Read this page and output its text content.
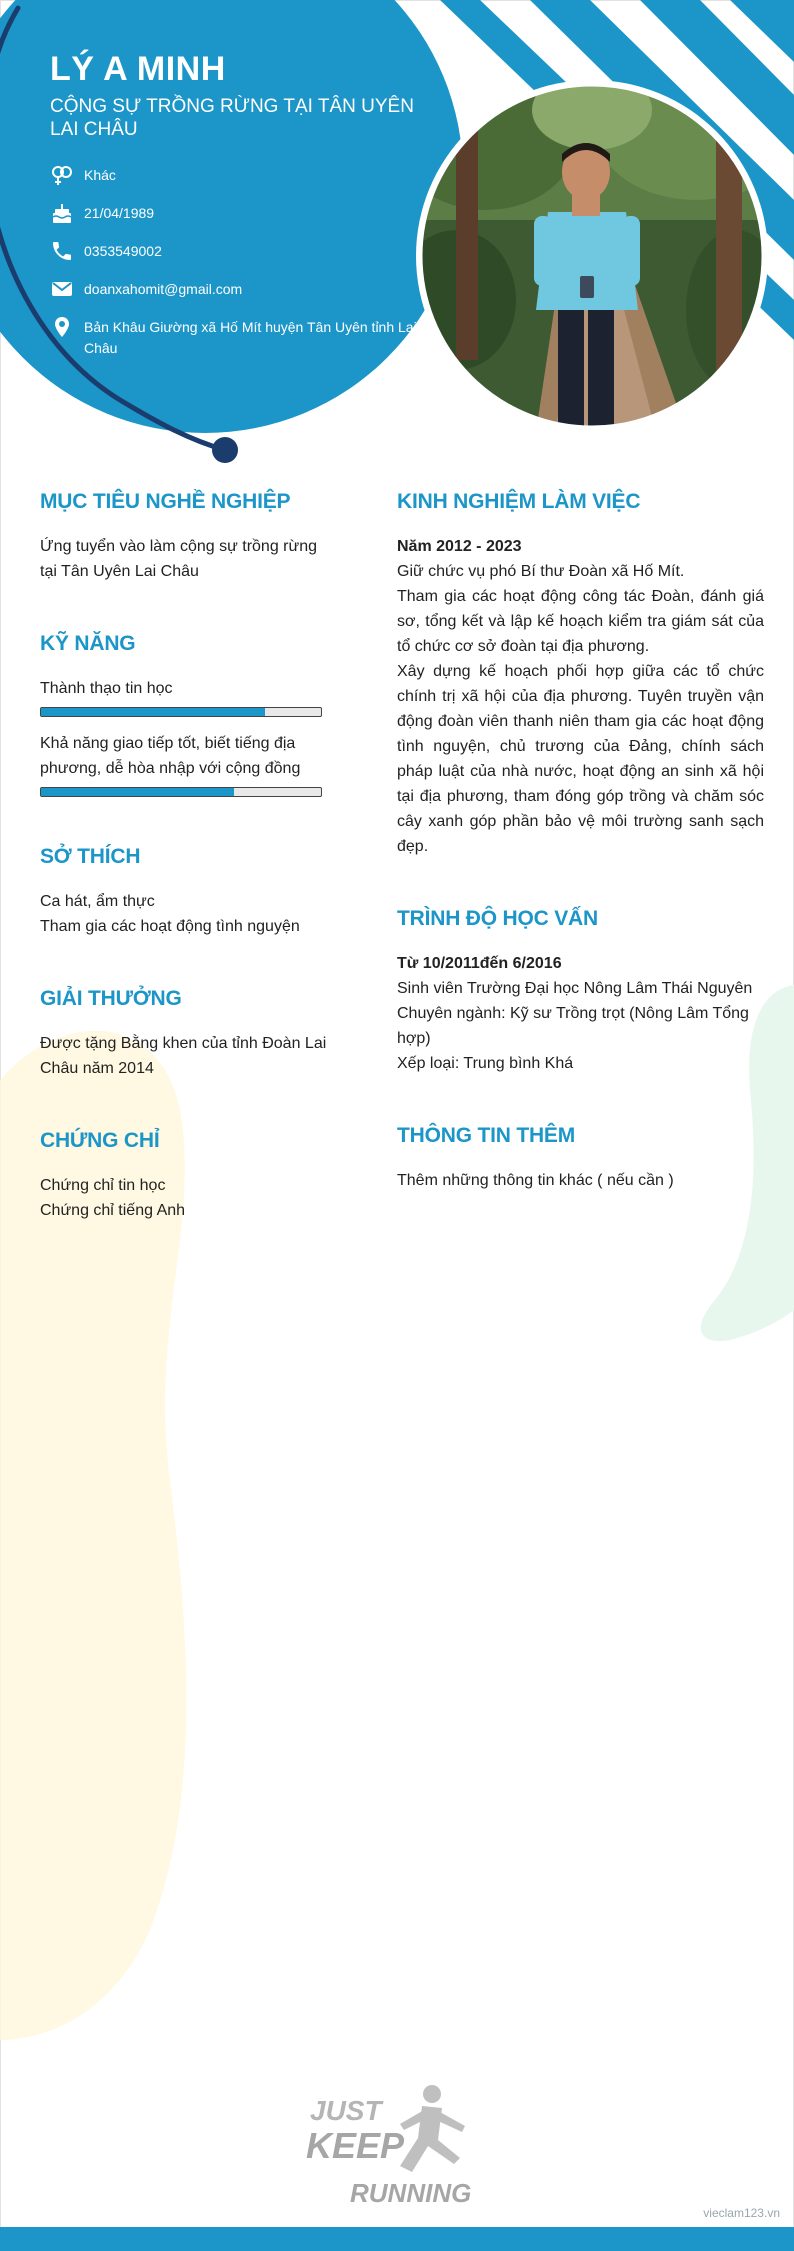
LÝ A MINH

CỘNG SỰ TRỒNG RỪNG TẠI TÂN UYÊN LAI CHÂU

Khác
21/04/1989
0353549002
doanxahomit@gmail.com
Bản Khâu Giường xã Hố Mít huyện Tân Uyên tỉnh Lai Châu
MỤC TIÊU NGHỀ NGHIỆP

Ứng tuyển vào làm cộng sự trồng rừng tại Tân Uyên Lai Châu

KỸ NĂNG

Thành thạo tin học

Khả năng giao tiếp tốt, biết tiếng địa phương, dễ hòa nhập với cộng đồng

SỞ THÍCH

Ca hát, ẩm thực

Tham gia các hoạt động tình nguyện

GIẢI THƯỞNG

Được tặng Bằng khen của tỉnh Đoàn Lai Châu năm 2014

CHỨNG CHỈ

Chứng chỉ tin học

Chứng chỉ tiếng Anh

KINH NGHIỆM LÀM VIỆC

Năm 2012 - 2023

Giữ chức vụ phó Bí thư Đoàn xã Hố Mít.

Tham gia các hoạt động công tác Đoàn, đánh giá sơ, tổng kết và lập kế hoạch kiểm tra giám sát của tổ chức cơ sở đoàn tại địa phương.

Xây dựng kế hoạch phối hợp giữa các tổ chức chính trị xã hội của địa phương. Tuyên truyền vận động đoàn viên thanh niên tham gia các hoạt động tình nguyện, chủ trương của Đảng, chính sách pháp luật của nhà nước, hoạt động an sinh xã hội tại địa phương, tham đóng góp trồng và chăm sóc cây xanh góp phần bảo vệ môi trường sanh sạch đẹp.

TRÌNH ĐỘ HỌC VẤN

Từ 10/2011đến 6/2016

Sinh viên Trường Đại học Nông Lâm Thái Nguyên

Chuyên ngành: Kỹ sư Trồng trọt (Nông Lâm Tổng hợp)

Xếp loại: Trung bình Khá

THÔNG TIN THÊM

Thêm những thông tin khác ( nếu cần )

JUST
KEEP
RUNNING
vieclam123.vn
